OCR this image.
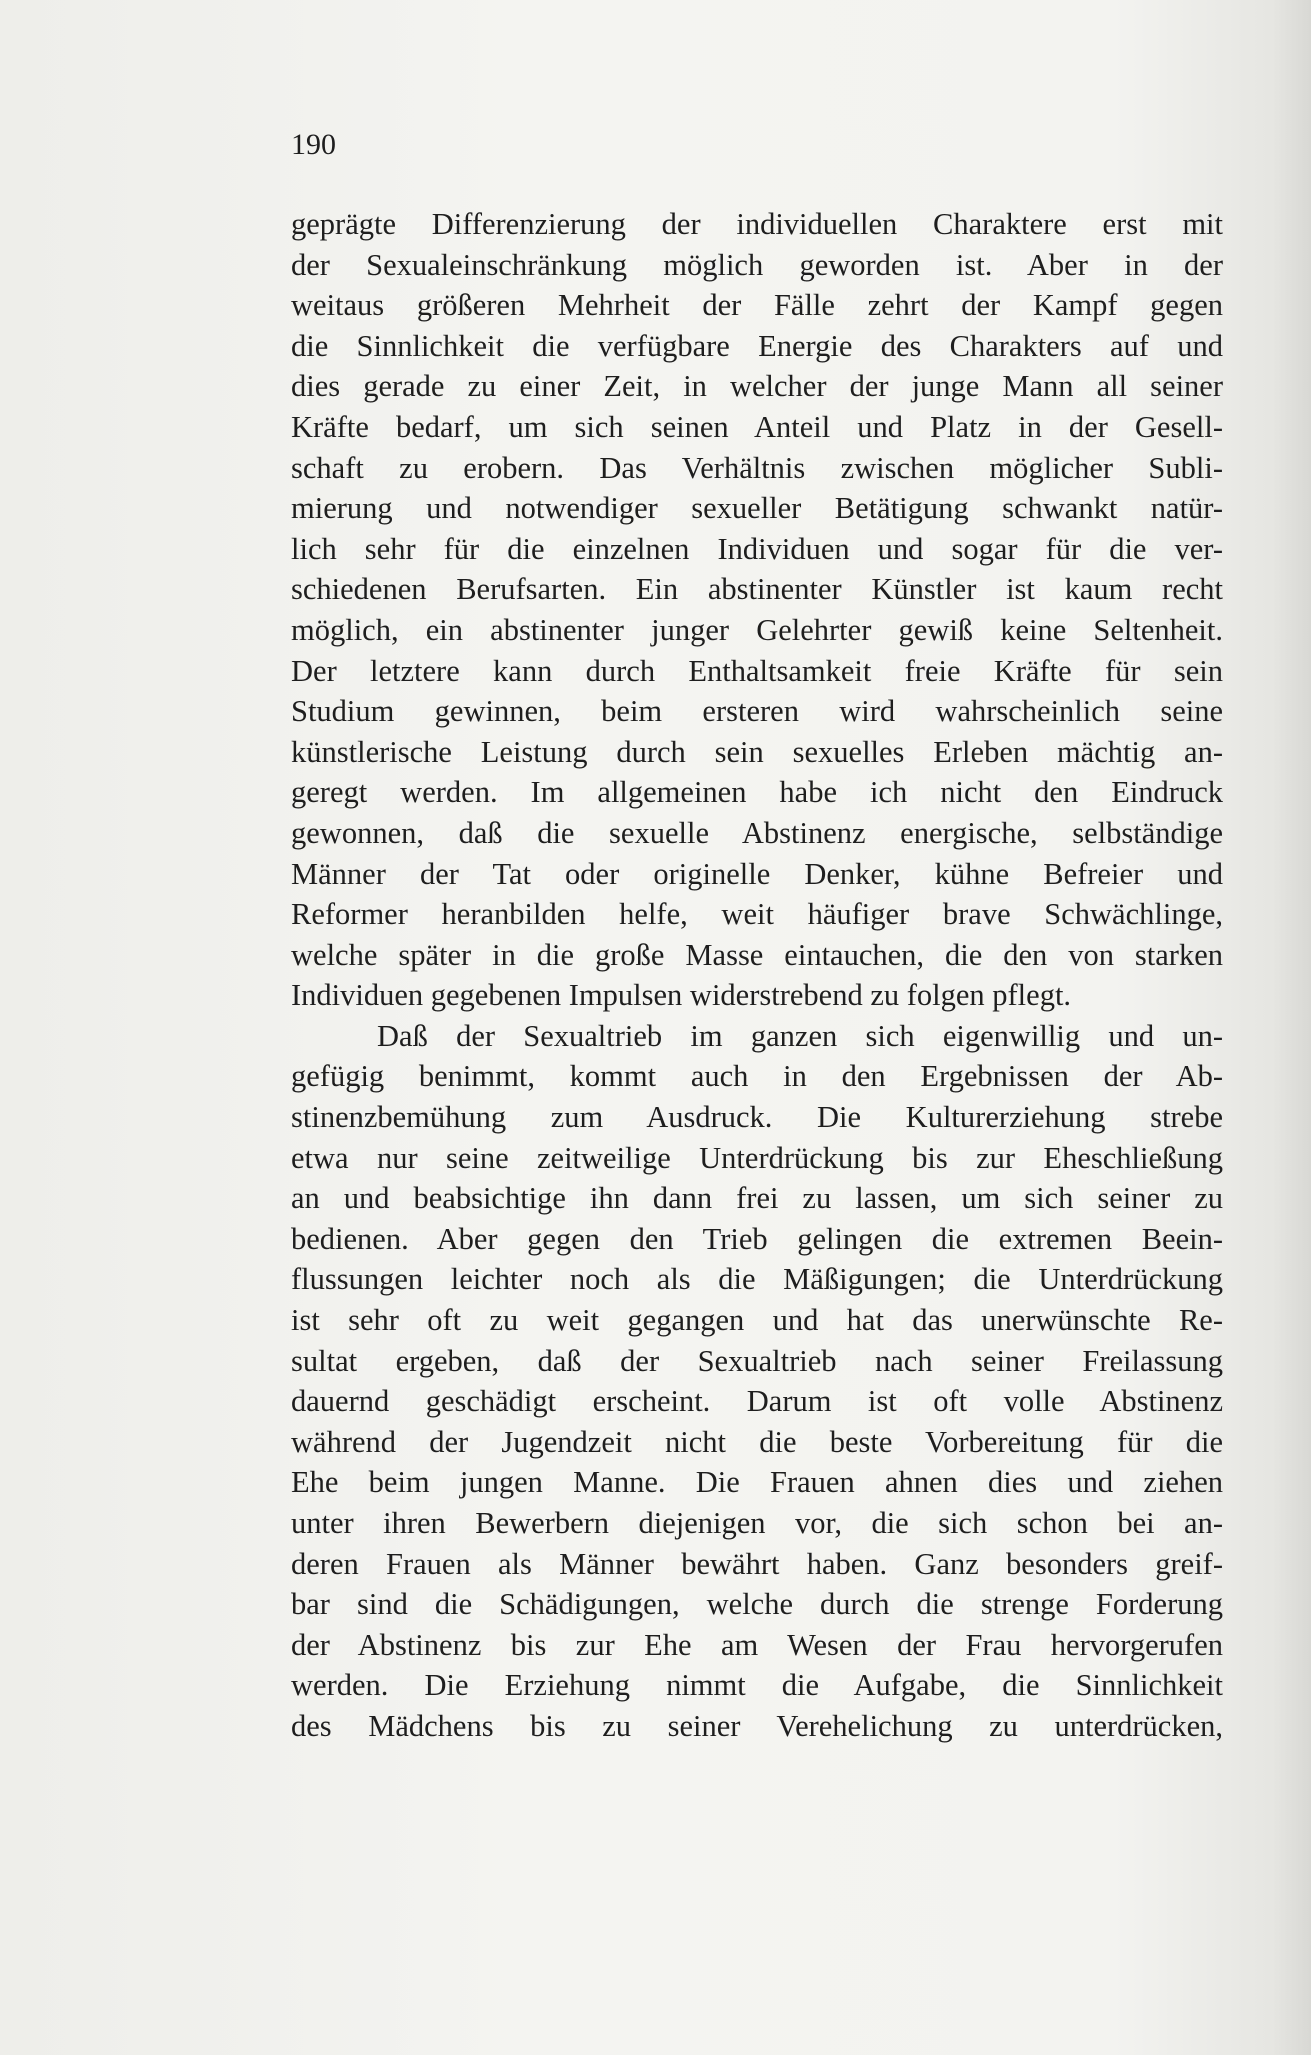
190
geprägte Differenzierung der individuellen Charaktere erst mit
der Sexualeinschränkung möglich geworden ist. Aber in der
weitaus größeren Mehrheit der Fälle zehrt der Kampf gegen
die Sinnlichkeit die verfügbare Energie des Charakters auf und
dies gerade zu einer Zeit, in welcher der junge Mann all seiner
Kräfte bedarf, um sich seinen Anteil und Platz in der Gesell-
schaft zu erobern. Das Verhältnis zwischen möglicher Subli-
mierung und notwendiger sexueller Betätigung schwankt natür-
lich sehr für die einzelnen Individuen und sogar für die ver-
schiedenen Berufsarten. Ein abstinenter Künstler ist kaum recht
möglich, ein abstinenter junger Gelehrter gewiß keine Seltenheit.
Der letztere kann durch Enthaltsamkeit freie Kräfte für sein
Studium gewinnen, beim ersteren wird wahrscheinlich seine
künstlerische Leistung durch sein sexuelles Erleben mächtig an-
geregt werden. Im allgemeinen habe ich nicht den Eindruck
gewonnen, daß die sexuelle Abstinenz energische, selbständige
Männer der Tat oder originelle Denker, kühne Befreier und
Reformer heranbilden helfe, weit häufiger brave Schwächlinge,
welche später in die große Masse eintauchen, die den von starken
Individuen gegebenen Impulsen widerstrebend zu folgen pflegt.
Daß der Sexualtrieb im ganzen sich eigenwillig und un-
gefügig benimmt, kommt auch in den Ergebnissen der Ab-
stinenzbemühung zum Ausdruck. Die Kulturerziehung strebe
etwa nur seine zeitweilige Unterdrückung bis zur Eheschließung
an und beabsichtige ihn dann frei zu lassen, um sich seiner zu
bedienen. Aber gegen den Trieb gelingen die extremen Beein-
flussungen leichter noch als die Mäßigungen; die Unterdrückung
ist sehr oft zu weit gegangen und hat das unerwünschte Re-
sultat ergeben, daß der Sexualtrieb nach seiner Freilassung
dauernd geschädigt erscheint. Darum ist oft volle Abstinenz
während der Jugendzeit nicht die beste Vorbereitung für die
Ehe beim jungen Manne. Die Frauen ahnen dies und ziehen
unter ihren Bewerbern diejenigen vor, die sich schon bei an-
deren Frauen als Männer bewährt haben. Ganz besonders greif-
bar sind die Schädigungen, welche durch die strenge Forderung
der Abstinenz bis zur Ehe am Wesen der Frau hervorgerufen
werden. Die Erziehung nimmt die Aufgabe, die Sinnlichkeit
des Mädchens bis zu seiner Verehelichung zu unterdrücken,
